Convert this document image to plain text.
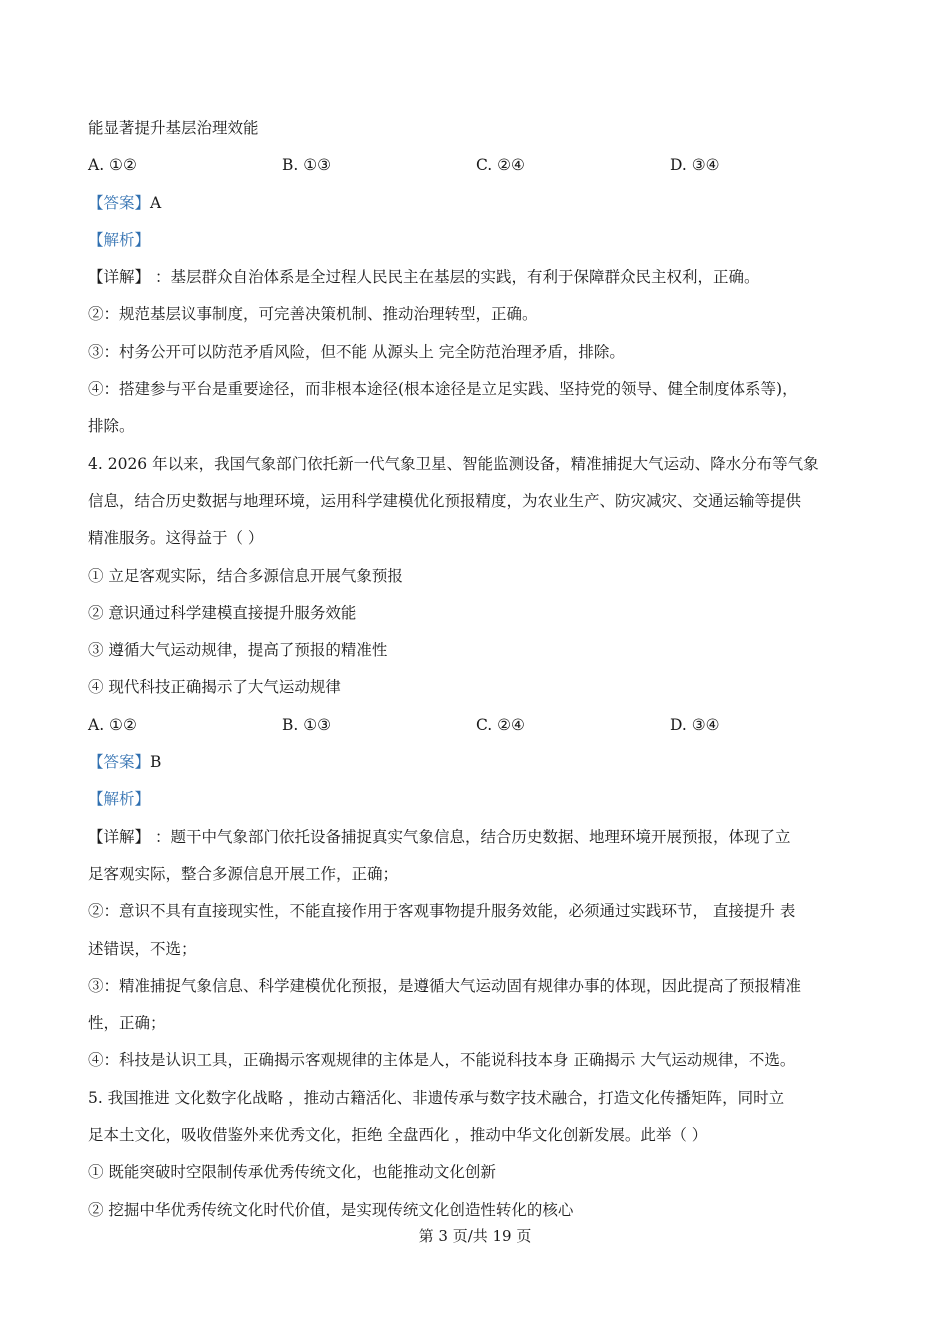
能显著提升基层治理效能
A. ①②	B. ①③	C. ②④	D. ③④
【答案】A
【解析】
【详解】 ：基层群众自治体系是全过程人民民主在基层的实践，有利于保障群众民主权利，正确。
②：规范基层议事制度，可完善决策机制、推动治理转型，正确。
③：村务公开可以防范矛盾风险，但不能 从源头上 完全防范治理矛盾，排除。
④：搭建参与平台是重要途径，而非根本途径(根本途径是立足实践、坚持党的领导、健全制度体系等)，
排除。
4. 2026 年以来，我国气象部门依托新一代气象卫星、智能监测设备，精准捕捉大气运动、降水分布等气象
信息，结合历史数据与地理环境，运用科学建模优化预报精度，为农业生产、防灾减灾、交通运输等提供
精准服务。这得益于（ ）
① 立足客观实际，结合多源信息开展气象预报
② 意识通过科学建模直接提升服务效能
③ 遵循大气运动规律，提高了预报的精准性
④ 现代科技正确揭示了大气运动规律
A. ①②	B. ①③	C. ②④	D. ③④
【答案】B
【解析】
【详解】 ：题干中气象部门依托设备捕捉真实气象信息，结合历史数据、地理环境开展预报，体现了立
足客观实际，整合多源信息开展工作，正确；
②：意识不具有直接现实性，不能直接作用于客观事物提升服务效能，必须通过实践环节， 直接提升 表
述错误，不选；
③：精准捕捉气象信息、科学建模优化预报，是遵循大气运动固有规律办事的体现，因此提高了预报精准
性，正确；
④：科技是认识工具，正确揭示客观规律的主体是人，不能说科技本身 正确揭示 大气运动规律，不选。
5. 我国推进 文化数字化战略 ，推动古籍活化、非遗传承与数字技术融合，打造文化传播矩阵，同时立
足本土文化，吸收借鉴外来优秀文化，拒绝 全盘西化 ，推动中华文化创新发展。此举（ ）
① 既能突破时空限制传承优秀传统文化，也能推动文化创新
② 挖掘中华优秀传统文化时代价值，是实现传统文化创造性转化的核心
第 3 页/共 19 页
